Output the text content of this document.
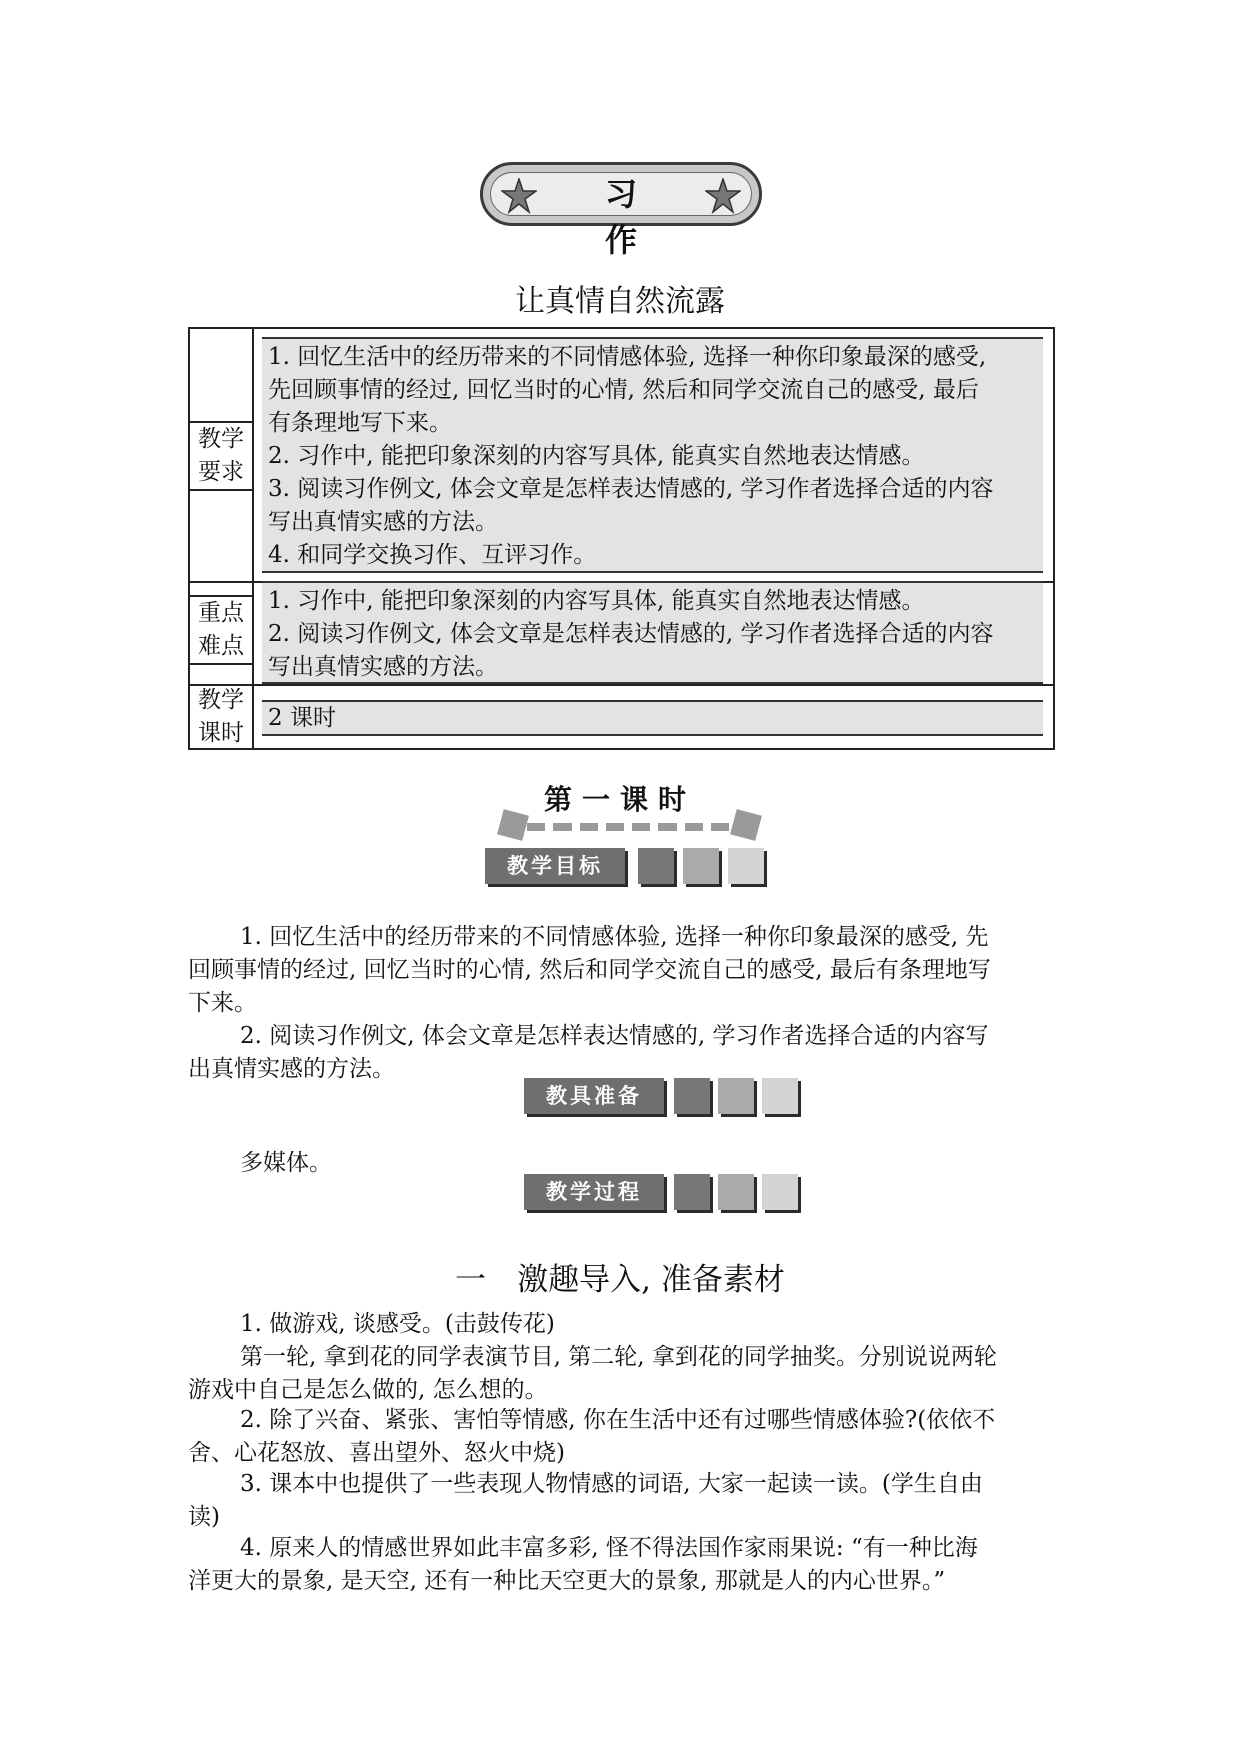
习 作
让真情自然流露
教学
要求
1. 回忆生活中的经历带来的不同情感体验, 选择一种你印象最深的感受,
先回顾事情的经过, 回忆当时的心情, 然后和同学交流自己的感受, 最后
有条理地写下来。
2. 习作中, 能把印象深刻的内容写具体, 能真实自然地表达情感。
3. 阅读习作例文, 体会文章是怎样表达情感的, 学习作者选择合适的内容
写出真情实感的方法。
4. 和同学交换习作、互评习作。
重点
难点
1. 习作中, 能把印象深刻的内容写具体, 能真实自然地表达情感。
2. 阅读习作例文, 体会文章是怎样表达情感的, 学习作者选择合适的内容
写出真情实感的方法。
教学
课时
2 课时
第一课时
教学目标
1. 回忆生活中的经历带来的不同情感体验, 选择一种你印象最深的感受, 先
回顾事情的经过, 回忆当时的心情, 然后和同学交流自己的感受, 最后有条理地写
下来。
2. 阅读习作例文, 体会文章是怎样表达情感的, 学习作者选择合适的内容写
出真情实感的方法。
教具准备
多媒体。
教学过程
一　激趣导入, 准备素材
1. 做游戏, 谈感受。(击鼓传花)
第一轮, 拿到花的同学表演节目, 第二轮, 拿到花的同学抽奖。分别说说两轮
游戏中自己是怎么做的, 怎么想的。
2. 除了兴奋、紧张、害怕等情感, 你在生活中还有过哪些情感体验?(依依不
舍、心花怒放、喜出望外、怒火中烧)
3. 课本中也提供了一些表现人物情感的词语, 大家一起读一读。(学生自由
读)
4. 原来人的情感世界如此丰富多彩, 怪不得法国作家雨果说: “有一种比海
洋更大的景象, 是天空, 还有一种比天空更大的景象, 那就是人的内心世界。”
